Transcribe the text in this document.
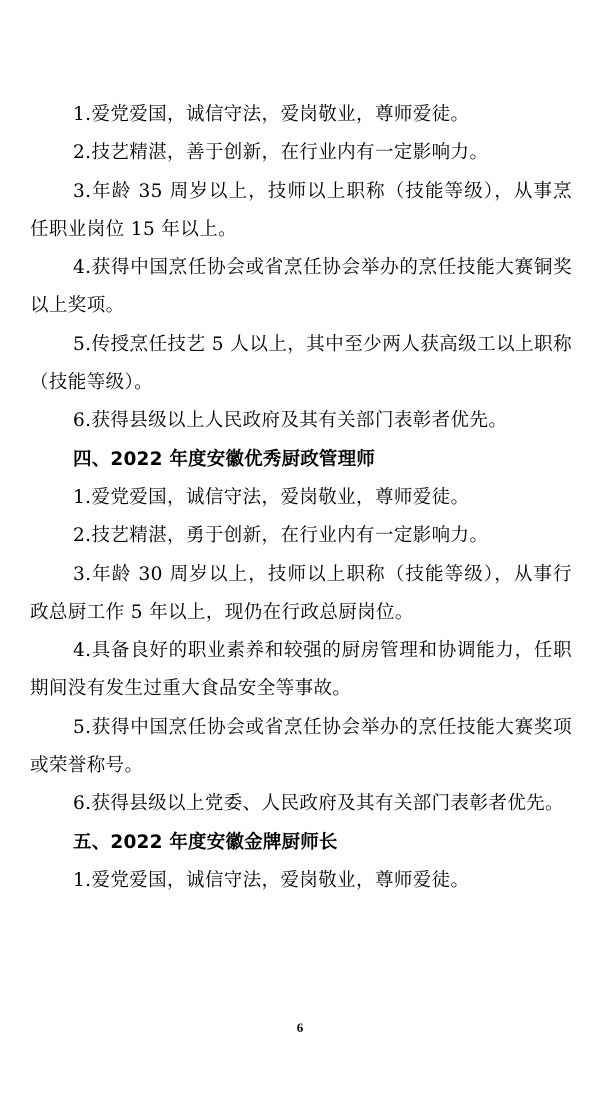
1.爱党爱国，诚信守法，爱岗敬业，尊师爱徒。

2.技艺精湛，善于创新，在行业内有一定影响力。

3.年龄 35 周岁以上，技师以上职称（技能等级），从事烹任职业岗位 15 年以上。

4.获得中国烹任协会或省烹任协会举办的烹任技能大赛铜奖以上奖项。

5.传授烹任技艺 5 人以上，其中至少两人获高级工以上职称（技能等级）。

6.获得县级以上人民政府及其有关部门表彰者优先。

四、2022 年度安徽优秀厨政管理师

1.爱党爱国，诚信守法，爱岗敬业，尊师爱徒。

2.技艺精湛，勇于创新，在行业内有一定影响力。

3.年龄 30 周岁以上，技师以上职称（技能等级），从事行政总厨工作 5 年以上，现仍在行政总厨岗位。

4.具备良好的职业素养和较强的厨房管理和协调能力，任职期间没有发生过重大食品安全等事故。

5.获得中国烹任协会或省烹任协会举办的烹任技能大赛奖项或荣誉称号。

6.获得县级以上党委、人民政府及其有关部门表彰者优先。

五、2022 年度安徽金牌厨师长

1.爱党爱国，诚信守法，爱岗敬业，尊师爱徒。

6
